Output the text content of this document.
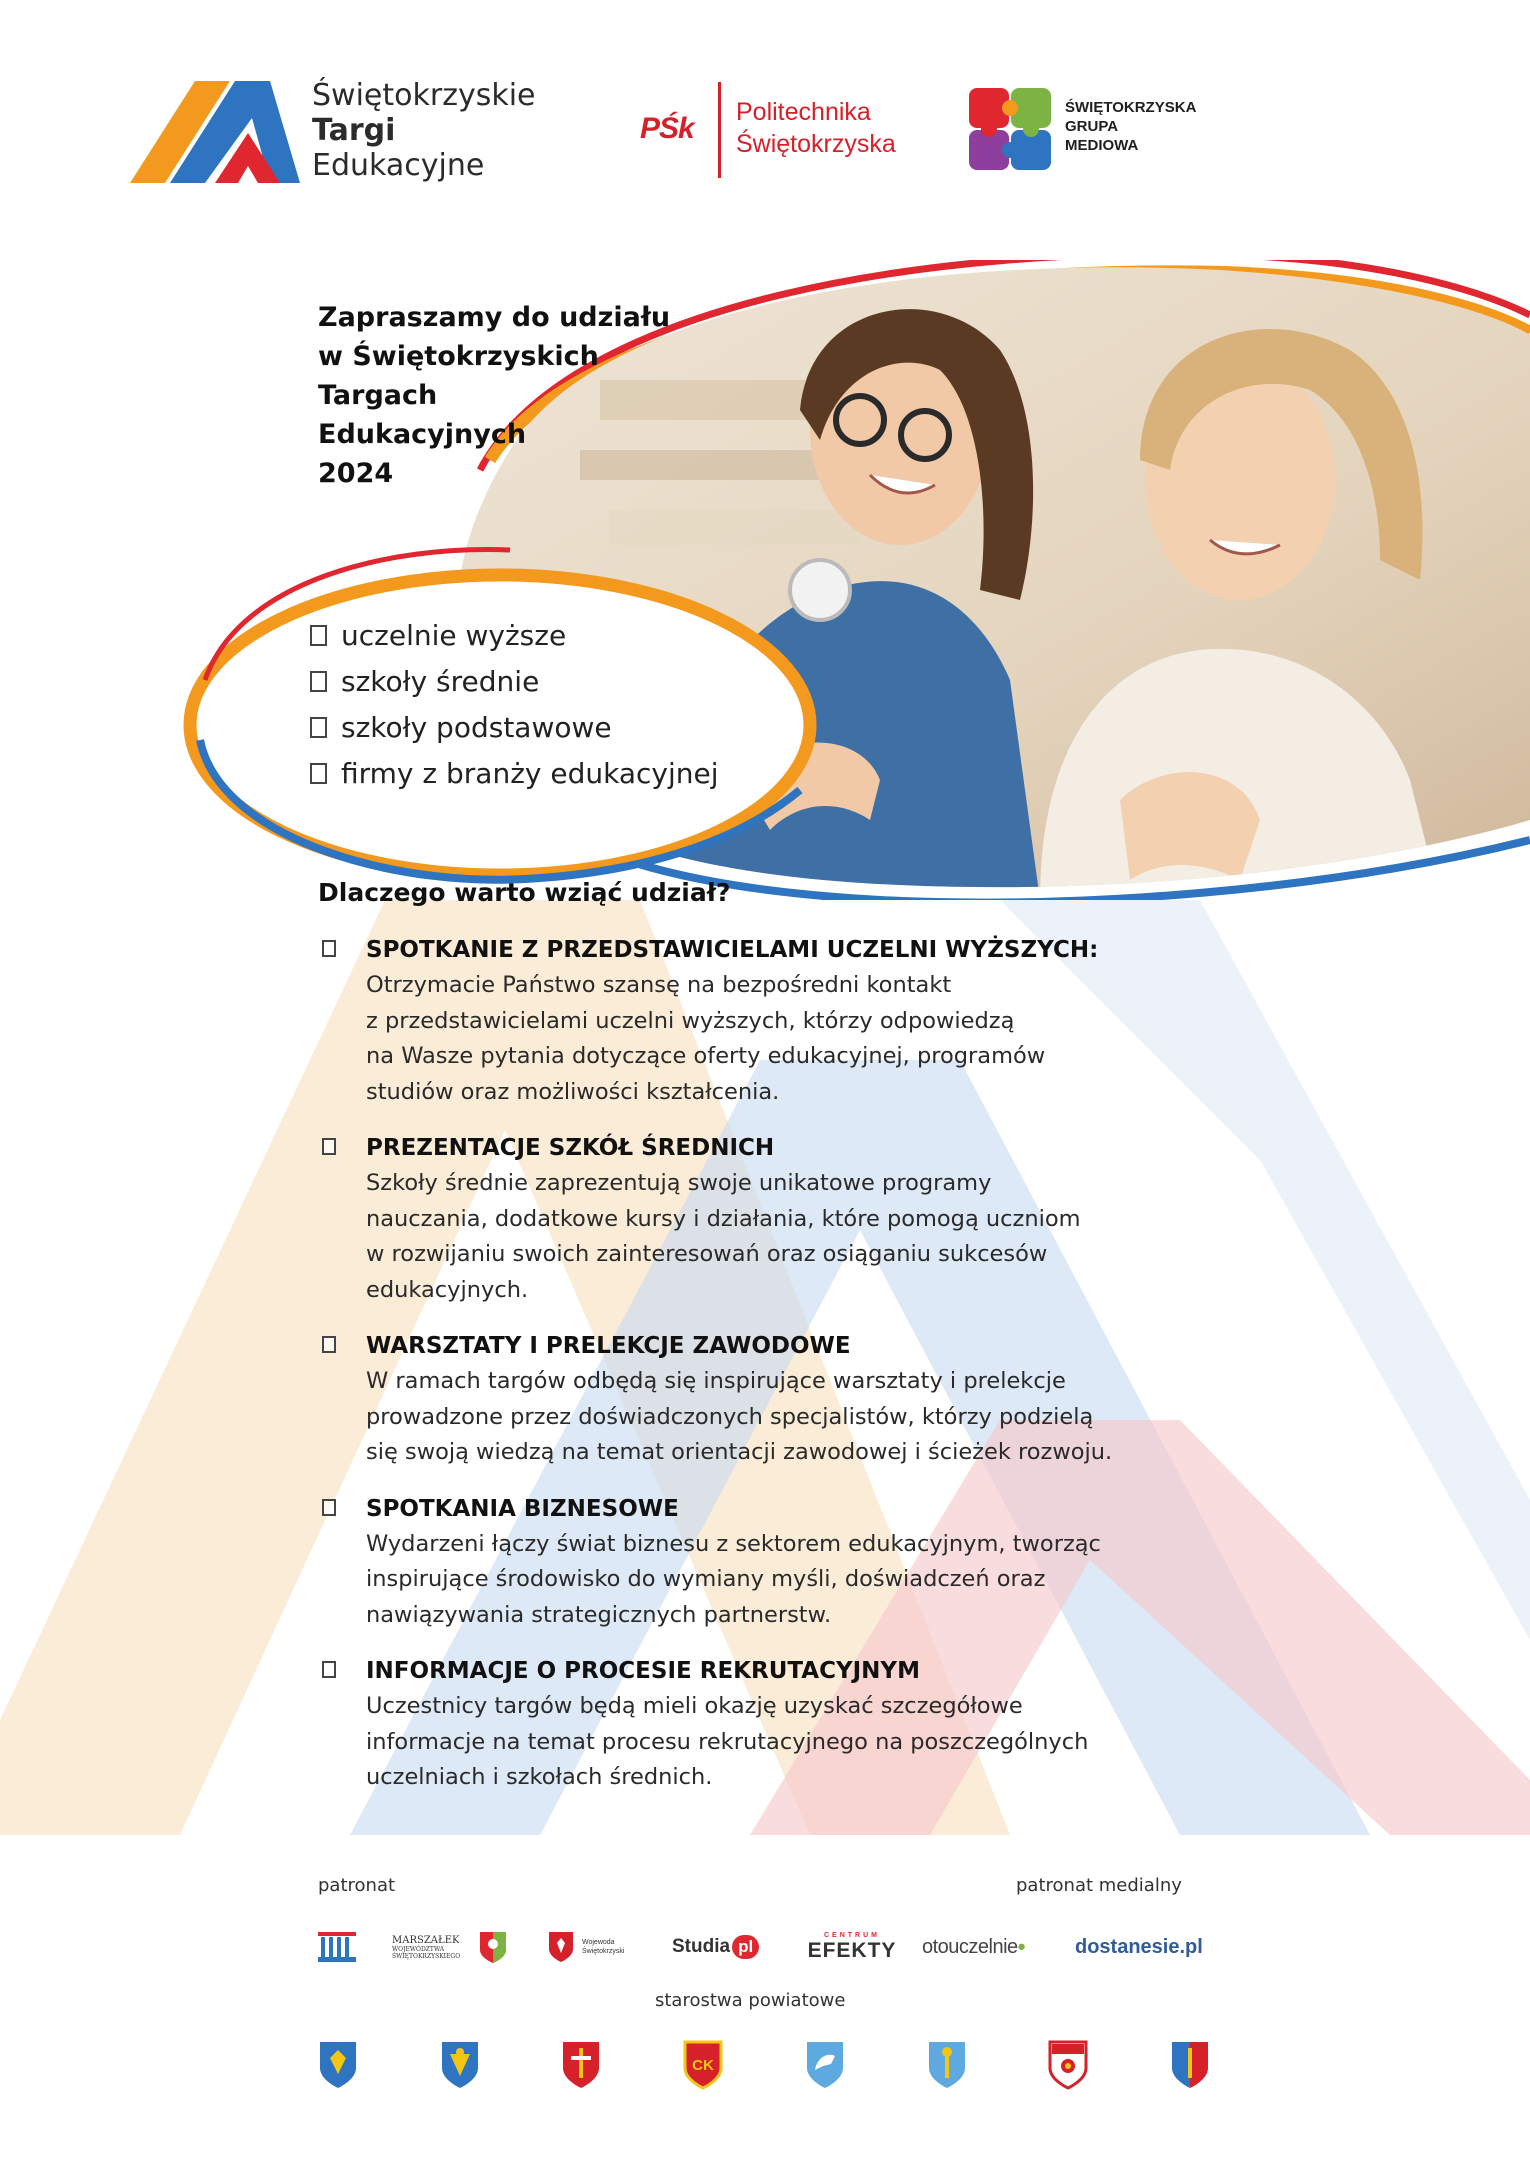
Świętokrzyskie
Targi
Edukacyjne
PŚk Politechnika
Świętokrzyska
ŚWIĘTOKRZYSKA
GRUPA
MEDIOWA
Zapraszamy do udziału
w Świętokrzyskich
Targach
Edukacyjnych
2024
uczelnie wyższe
szkoły średnie
szkoły podstawowe
firmy z branży edukacyjnej
Dlaczego warto wziąć udział?
SPOTKANIE Z PRZEDSTAWICIELAMI UCZELNI WYŻSZYCH:

Otrzymacie Państwo szansę na bezpośredni kontakt

z przedstawicielami uczelni wyższych, którzy odpowiedzą

na Wasze pytania dotyczące oferty edukacyjnej, programów

studiów oraz możliwości kształcenia.

PREZENTACJE SZKÓŁ ŚREDNICH

Szkoły średnie zaprezentują swoje unikatowe programy

nauczania, dodatkowe kursy i działania, które pomogą uczniom

w rozwijaniu swoich zainteresowań oraz osiąganiu sukcesów

edukacyjnych.

WARSZTATY I PRELEKCJE ZAWODOWE

W ramach targów odbędą się inspirujące warsztaty i prelekcje

prowadzone przez doświadczonych specjalistów, którzy podzielą

się swoją wiedzą na temat orientacji zawodowej i ścieżek rozwoju.

SPOTKANIA BIZNESOWE

Wydarzeni łączy świat biznesu z sektorem edukacyjnym, tworząc

inspirujące środowisko do wymiany myśli, doświadczeń oraz

nawiązywania strategicznych partnerstw.

INFORMACJE O PROCESIE REKRUTACYJNYM

Uczestnicy targów będą mieli okazję uzyskać szczegółowe

informacje na temat procesu rekrutacyjnego na poszczególnych

uczelniach i szkołach średnich.

patronat	patronat medialny
starostwa powiatowe
MARSZAŁEK
WOJEWÓDZTWA
ŚWIĘTOKRZYSKIEGO
Wojewoda
Świętokrzyski	Studia pl
CENTRUM
EFEKTY otouczelnie • dostanesie.pl
CK
